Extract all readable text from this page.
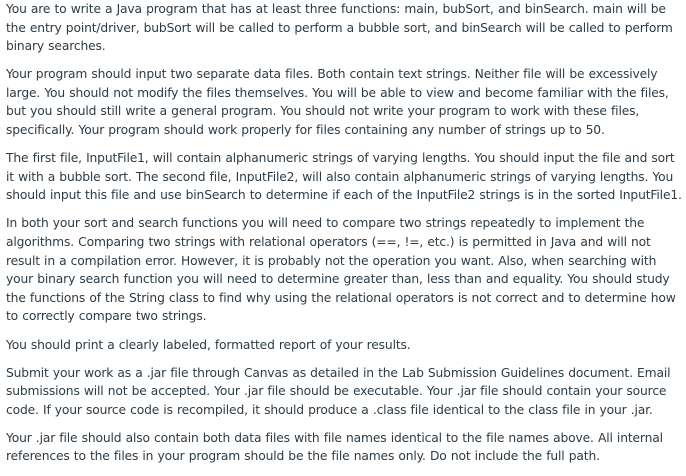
You are to write a Java program that has at least three functions: main, bubSort, and binSearch. main will be the entry point/driver, bubSort will be called to perform a bubble sort, and binSearch will be called to perform binary searches.

Your program should input two separate data files. Both contain text strings. Neither file will be excessively large. You should not modify the files themselves. You will be able to view and become familiar with the files, but you should still write a general program. You should not write your program to work with these files, specifically. Your program should work properly for files containing any number of strings up to 50.

The first file, InputFile1, will contain alphanumeric strings of varying lengths. You should input the file and sort it with a bubble sort. The second file, InputFile2, will also contain alphanumeric strings of varying lengths. You should input this file and use binSearch to determine if each of the InputFile2 strings is in the sorted InputFile1.

In both your sort and search functions you will need to compare two strings repeatedly to implement the algorithms. Comparing two strings with relational operators (==, !=, etc.) is permitted in Java and will not result in a compilation error. However, it is probably not the operation you want. Also, when searching with your binary search function you will need to determine greater than, less than and equality. You should study the functions of the String class to find why using the relational operators is not correct and to determine how to correctly compare two strings.

You should print a clearly labeled, formatted report of your results.

Submit your work as a .jar file through Canvas as detailed in the Lab Submission Guidelines document. Email submissions will not be accepted. Your .jar file should be executable. Your .jar file should contain your source code. If your source code is recompiled, it should produce a .class file identical to the class file in your .jar.

Your .jar file should also contain both data files with file names identical to the file names above. All internal references to the files in your program should be the file names only. Do not include the full path.
